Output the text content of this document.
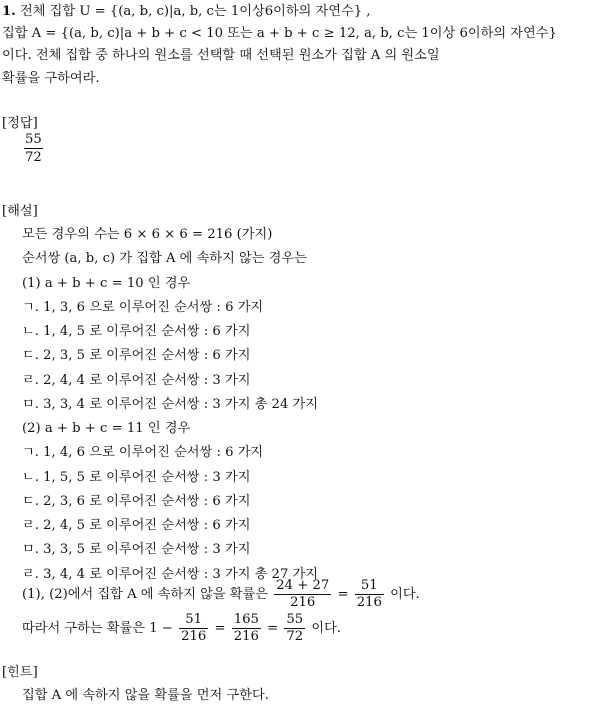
1. 전체 집합 U = {(a, b, c)|a, b, c는 1이상6이하의 자연수} ,
집합 A = {(a, b, c)|a + b + c < 10 또는 a + b + c ≥ 12, a, b, c는 1이상 6이하의 자연수}
이다. 전체 집합 중 하나의 원소를 선택할 때 선택된 원소가 집합 A 의 원소일
확률을 구하여라.
[정답]
$\frac{55}{72}$
[해설]
모든 경우의 수는 6 × 6 × 6 = 216 (가지)
순서쌍 (a, b, c) 가 집합 A 에 속하지 않는 경우는
(1) a + b + c = 10 인 경우
ㄱ. 1, 3, 6 으로 이루어진 순서쌍 : 6 가지
ㄴ. 1, 4, 5 로 이루어진 순서쌍 : 6 가지
ㄷ. 2, 3, 5 로 이루어진 순서쌍 : 6 가지
ㄹ. 2, 4, 4 로 이루어진 순서쌍 : 3 가지
ㅁ. 3, 3, 4 로 이루어진 순서쌍 : 3 가지 총 24 가지
(2) a + b + c = 11 인 경우
ㄱ. 1, 4, 6 으로 이루어진 순서쌍 : 6 가지
ㄴ. 1, 5, 5 로 이루어진 순서쌍 : 3 가지
ㄷ. 2, 3, 6 로 이루어진 순서쌍 : 6 가지
ㄹ. 2, 4, 5 로 이루어진 순서쌍 : 6 가지
ㅁ. 3, 3, 5 로 이루어진 순서쌍 : 3 가지
ㄹ. 3, 4, 4 로 이루어진 순서쌍 : 3 가지 총 27 가지
(1), (2)에서 집합 A 에 속하지 않을 확률은 $\frac{24 + 27}{216} = \frac{51}{216}$ 이다.
따라서 구하는 확률은 $1 - \frac{51}{216} = \frac{165}{216} = \frac{55}{72}$ 이다.
[힌트]
집합 A 에 속하지 않을 확률을 먼저 구한다.
